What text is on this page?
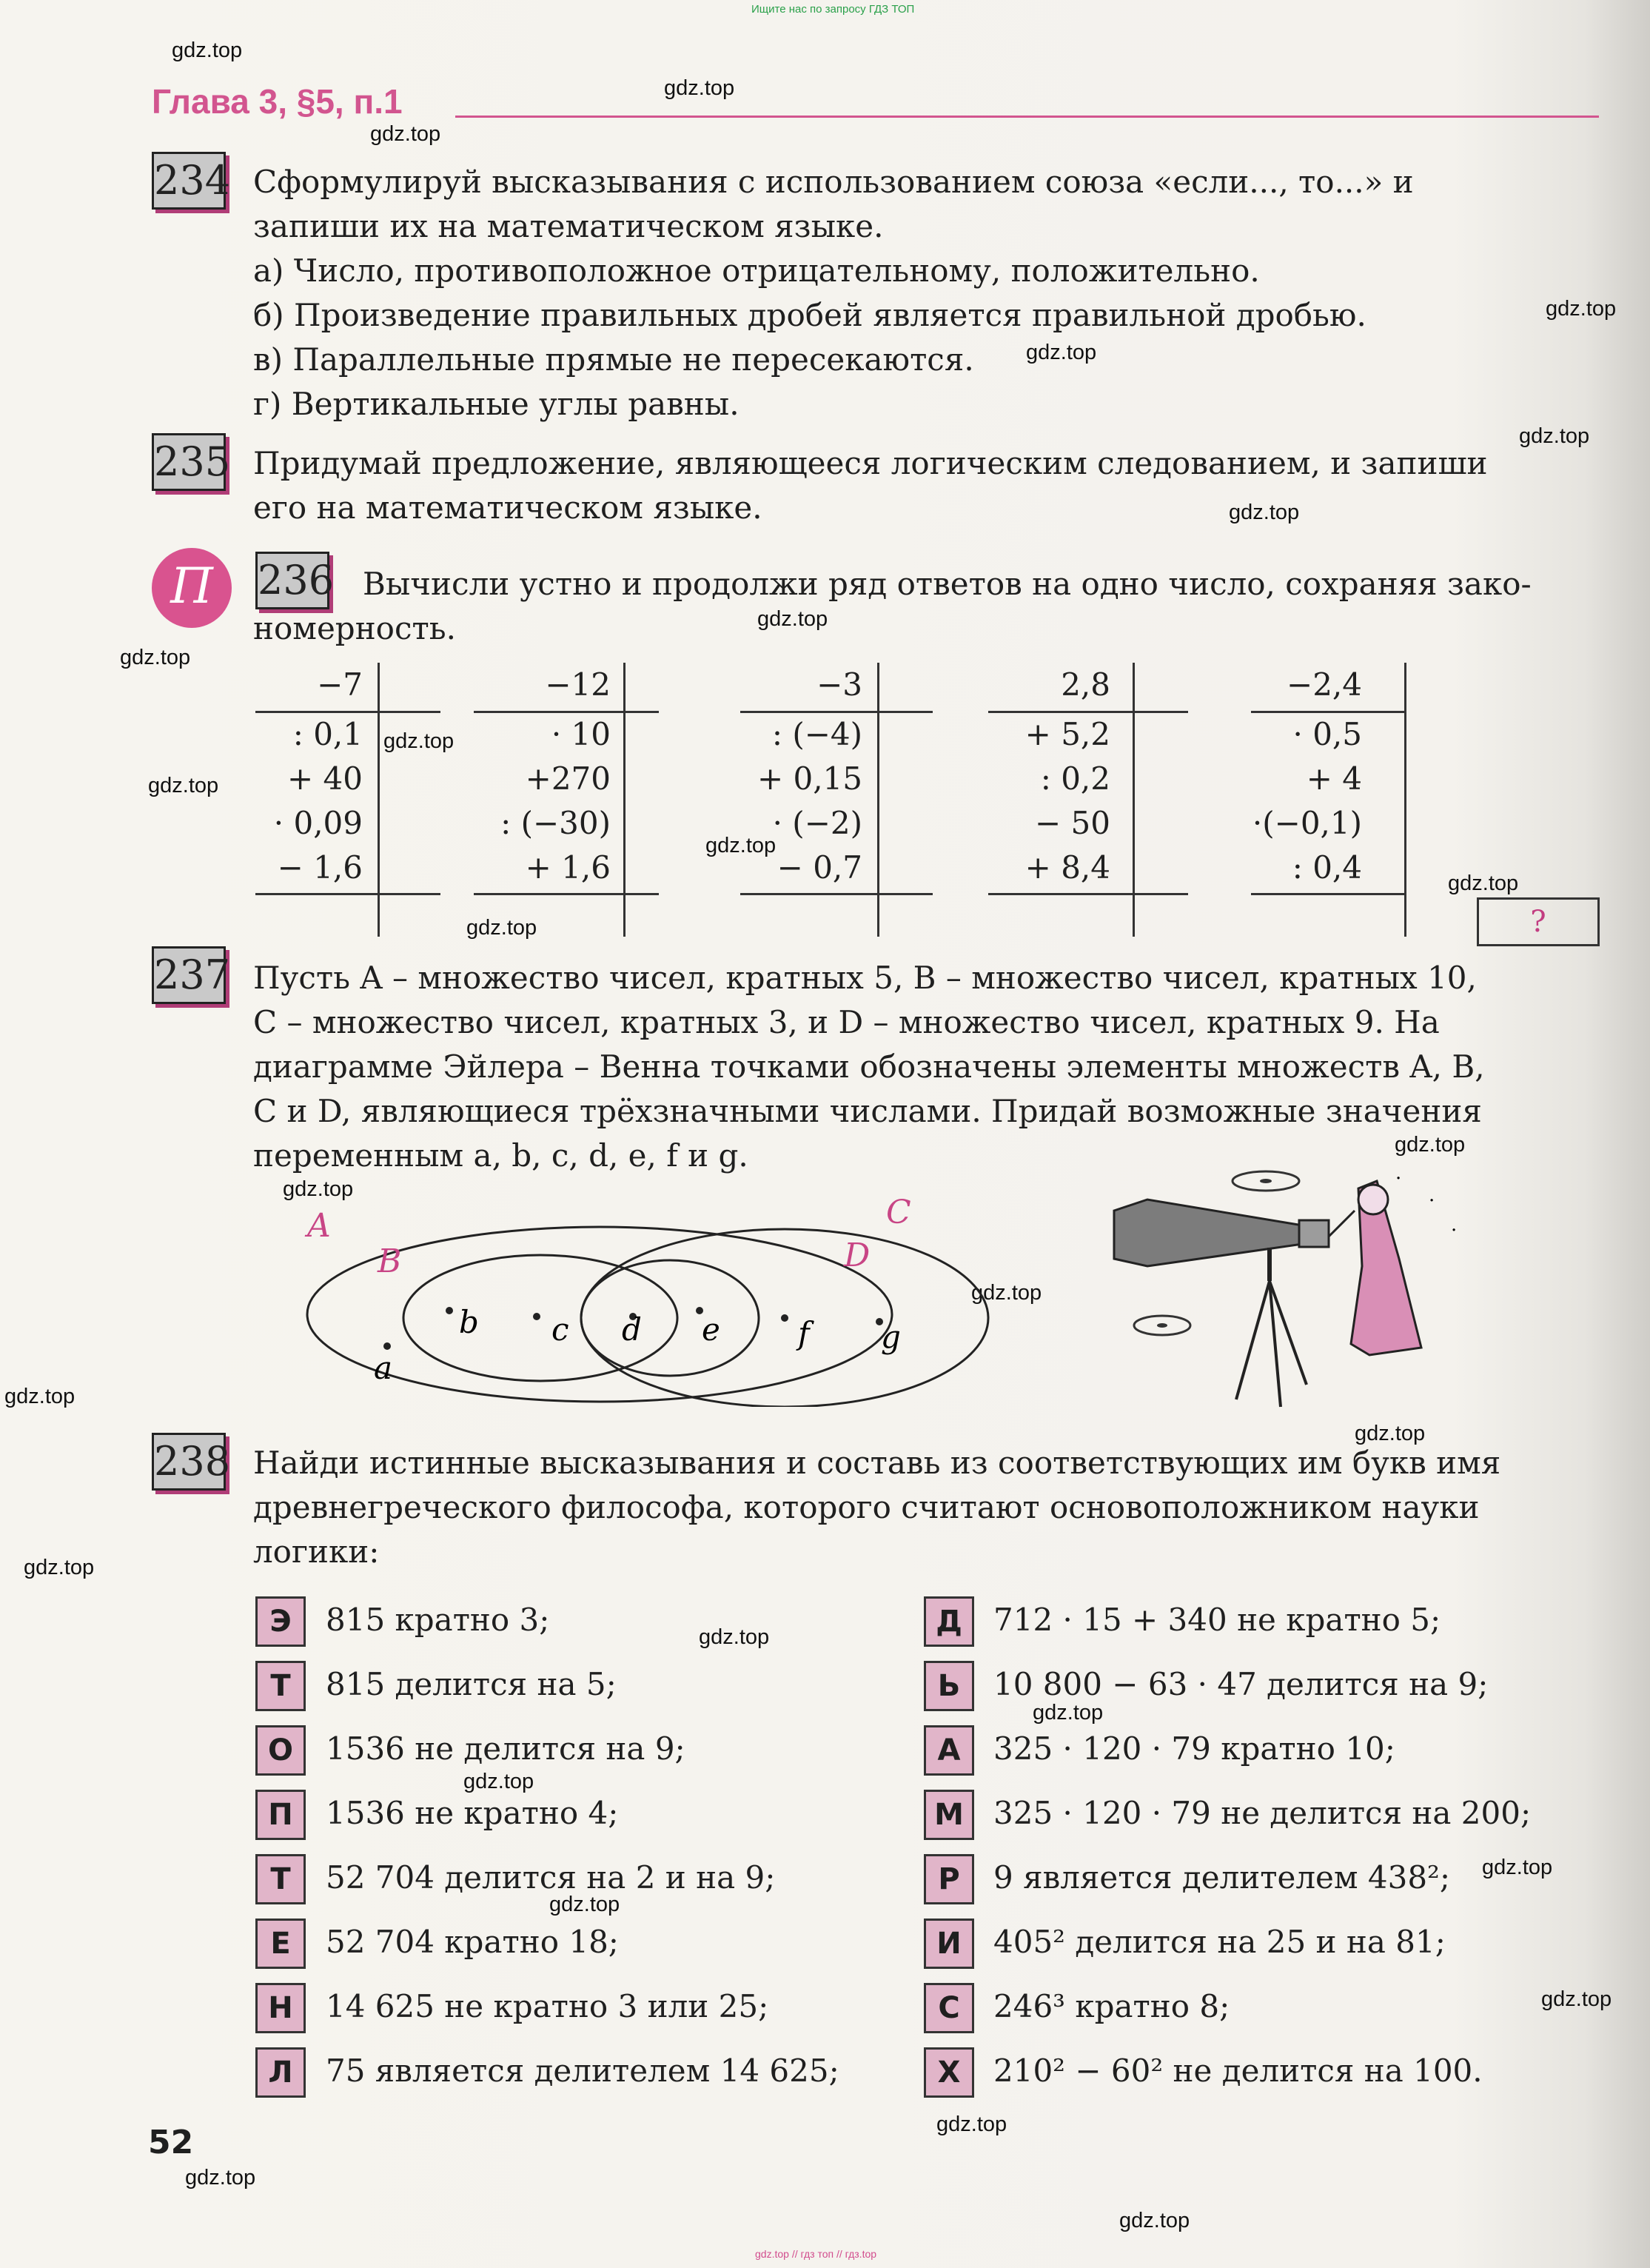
Ищите нас по запросу ГДЗ ТОП
Глава 3, §5, п.1
gdz.top
gdz.top
gdz.top
gdz.top
gdz.top
gdz.top
gdz.top
gdz.top
gdz.top
gdz.top
gdz.top
gdz.top
gdz.top
gdz.top
gdz.top
gdz.top
gdz.top
gdz.top
gdz.top
gdz.top
gdz.top
gdz.top
gdz.top
gdz.top
gdz.top
gdz.top
gdz.top
gdz.top
gdz.top
234 Сформулируй высказывания с использованием союза «если..., то...» и
запиши их на математическом языке.
а) Число, противоположное отрицательному, положительно.
б) Произведение правильных дробей является правильной дробью.
в) Параллельные прямые не пересекаются.
г) Вертикальные углы равны.
235 Придумай предложение, являющееся логическим следованием, и запиши
его на математическом языке.
П	236 Вычисли устно и продолжи ряд ответов на одно число, сохраняя зако-
номерность.
−7
: 0,1
+ 40
· 0,09
− 1,6
−12
· 10
+270
: (−30)
+ 1,6
−3
: (−4)
+ 0,15
· (−2)
− 0,7
2,8
+ 5,2
: 0,2
− 50
+ 8,4
−2,4
· 0,5
+ 4
·(−0,1)
: 0,4
?
237 Пусть A – множество чисел, кратных 5, B – множество чисел, кратных 10,
C – множество чисел, кратных 3, и D – множество чисел, кратных 9. На
диаграмме Эйлера – Венна точками обозначены элементы множеств A, B,
C и D, являющиеся трёхзначными числами. Придай возможные значения
переменным a, b, c, d, e, f и g.
A
B
C
D
a
b c d e	f g
·
·
·
238 Найди истинные высказывания и составь из соответствующих им букв имя
древнегреческого философа, которого считают основоположником науки
логики:
Э	815 кратно 3;
Т	815 делится на 5;
О	1536 не делится на 9;
П	1536 не кратно 4;
Т	52 704 делится на 2 и на 9;
Е	52 704 кратно 18;
Н	14 625 не кратно 3 или 25;
Л	75 является делителем 14 625;
Д	712 · 15 + 340 не кратно 5;
Ь	10 800 − 63 · 47 делится на 9;
А	325 · 120 · 79 кратно 10;
М 325 · 120 · 79 не делится на 200;
Р	9 является делителем 438²;
И	405² делится на 25 и на 81;
С	246³ кратно 8;
Х	210² − 60² не делится на 100.
52
gdz.top // гдз топ // гдз.top
